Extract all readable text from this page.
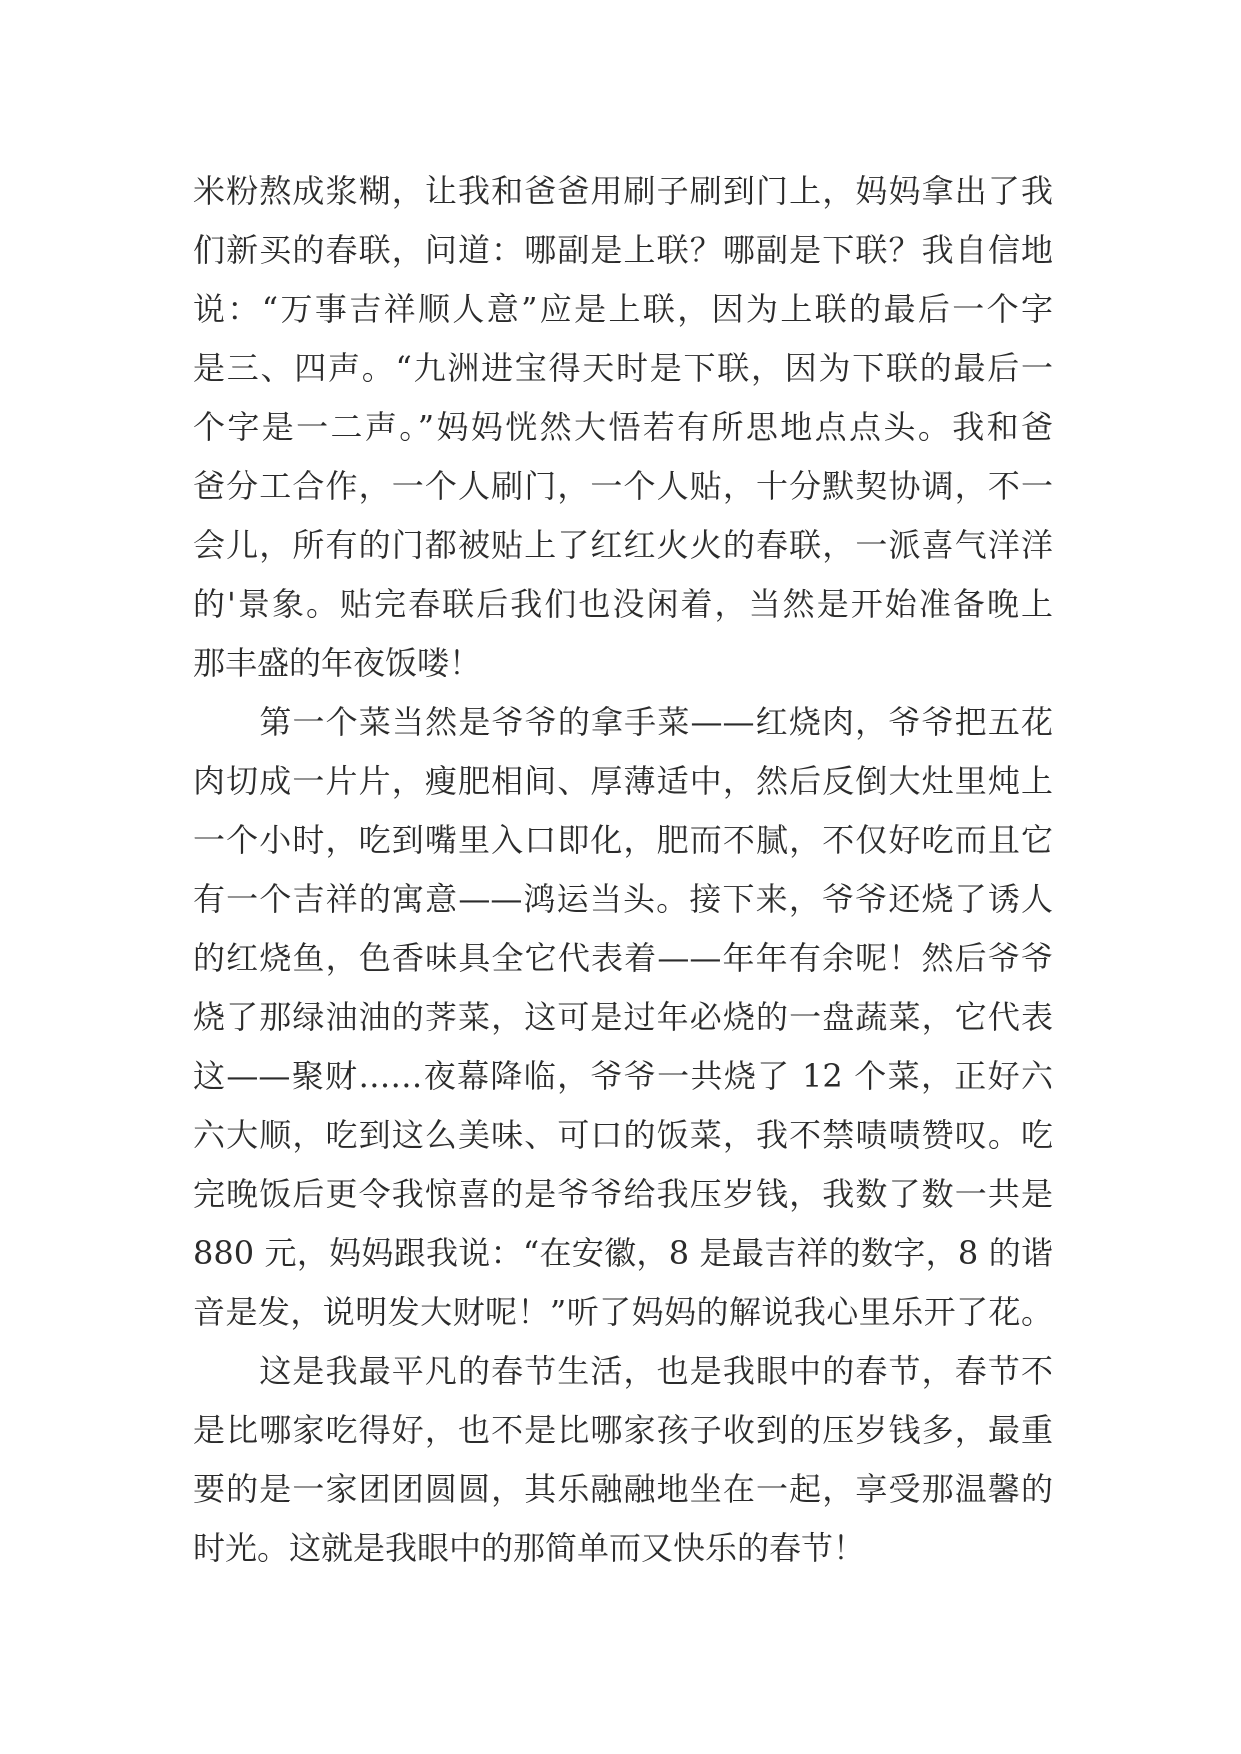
米粉熬成浆糊，让我和爸爸用刷子刷到门上，妈妈拿出了我
们新买的春联，问道：哪副是上联？哪副是下联？我自信地
说：“万事吉祥顺人意”应是上联，因为上联的最后一个字
是三、四声。“九洲进宝得天时是下联，因为下联的最后一
个字是一二声。”妈妈恍然大悟若有所思地点点头。我和爸
爸分工合作，一个人刷门，一个人贴，十分默契协调，不一
会儿，所有的门都被贴上了红红火火的春联，一派喜气洋洋
的'景象。贴完春联后我们也没闲着，当然是开始准备晚上
那丰盛的年夜饭喽！
　　第一个菜当然是爷爷的拿手菜——红烧肉，爷爷把五花
肉切成一片片，瘦肥相间、厚薄适中，然后反倒大灶里炖上
一个小时，吃到嘴里入口即化，肥而不腻，不仅好吃而且它
有一个吉祥的寓意——鸿运当头。接下来，爷爷还烧了诱人
的红烧鱼，色香味具全它代表着——年年有余呢！然后爷爷
烧了那绿油油的荠菜，这可是过年必烧的一盘蔬菜，它代表
这——聚财……夜幕降临，爷爷一共烧了 12 个菜，正好六
六大顺，吃到这么美味、可口的饭菜，我不禁啧啧赞叹。吃
完晚饭后更令我惊喜的是爷爷给我压岁钱，我数了数一共是
880 元，妈妈跟我说：“在安徽，8 是最吉祥的数字，8 的谐
音是发，说明发大财呢！”听了妈妈的解说我心里乐开了花。
　　这是我最平凡的春节生活，也是我眼中的春节，春节不
是比哪家吃得好，也不是比哪家孩子收到的压岁钱多，最重
要的是一家团团圆圆，其乐融融地坐在一起，享受那温馨的
时光。这就是我眼中的那简单而又快乐的春节！
